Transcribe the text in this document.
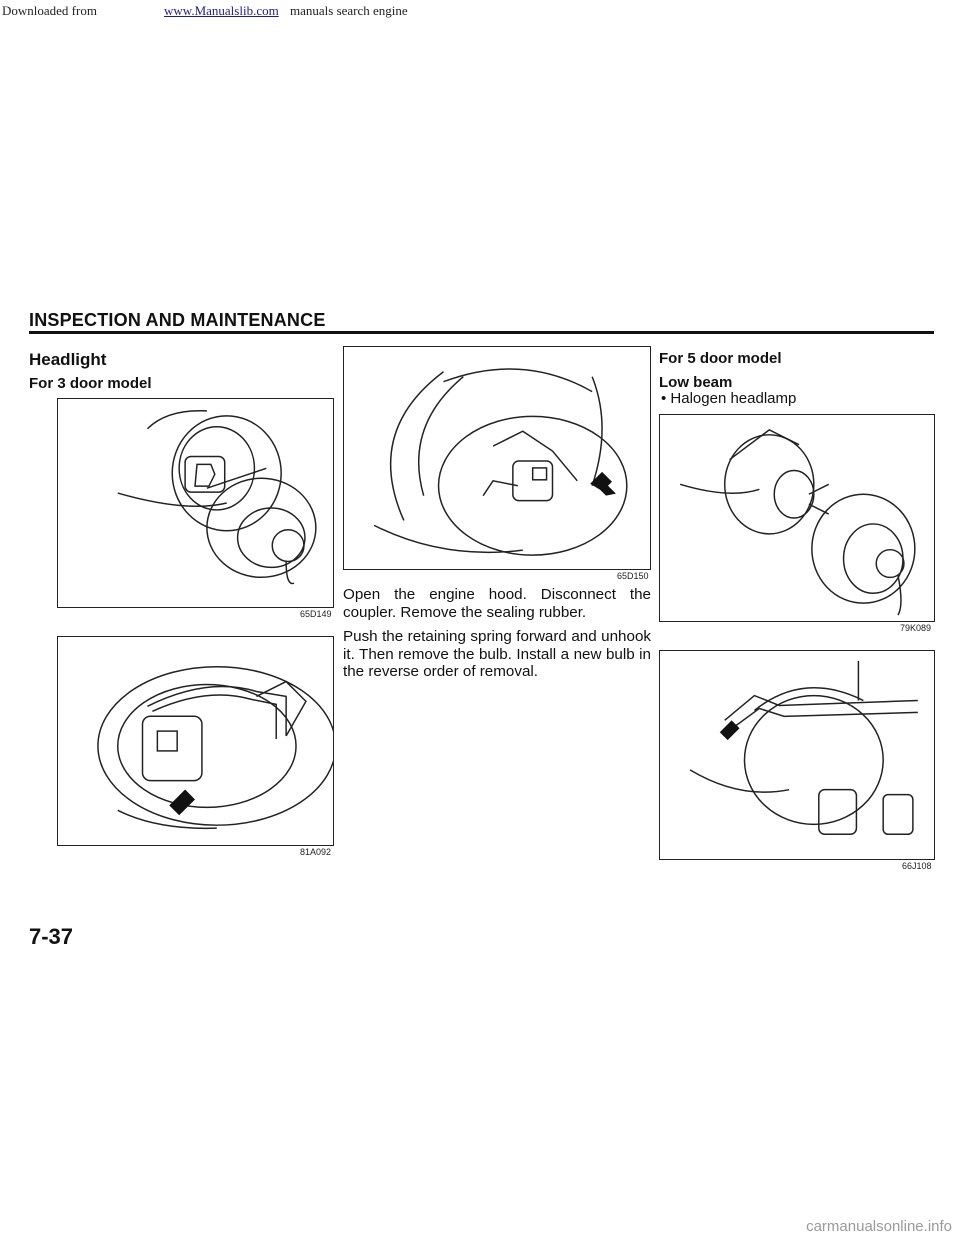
Downloaded from	www.Manualslib.com manuals search engine
INSPECTION AND MAINTENANCE
Headlight
For 3 door model
65D149
81A092
65D150
Open the engine hood. Disconnect the coupler. Remove the sealing rubber.
Push the retaining spring forward and unhook it. Then remove the bulb. Install a new bulb in the reverse order of removal.
For 5 door model
Low beam
• Halogen headlamp
79K089
66J108
7-37
carmanualsonline.info
